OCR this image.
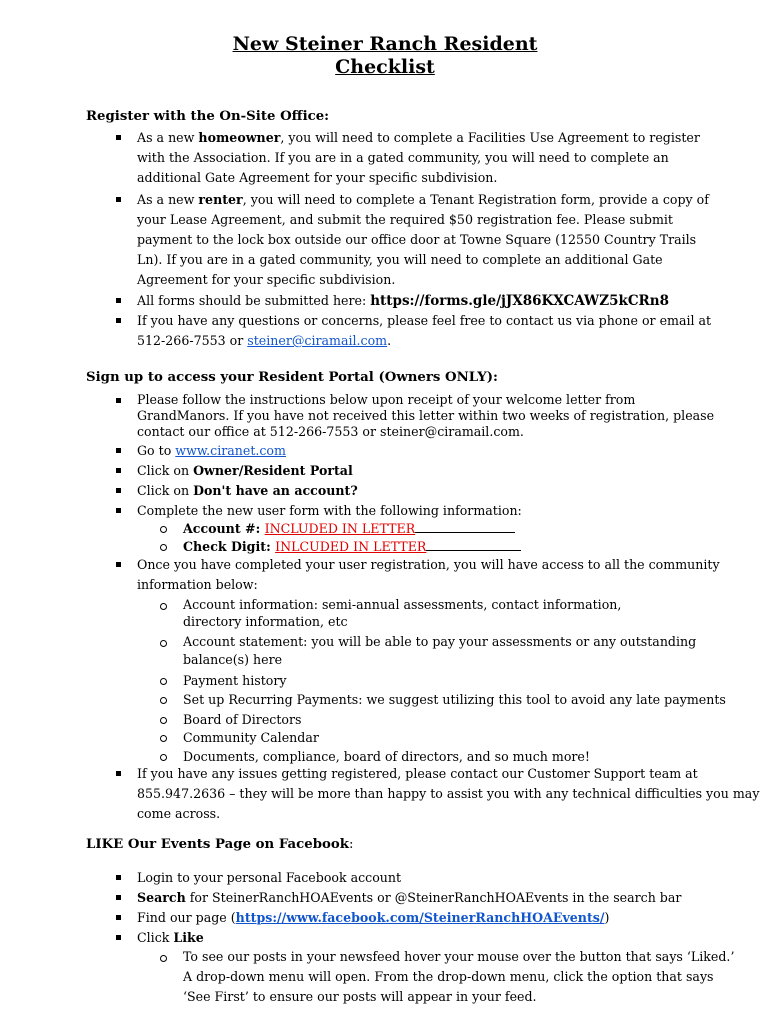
New Steiner Ranch Resident
Checklist
Register with the On-Site Office:
As a new homeowner, you will need to complete a Facilities Use Agreement to register
with the Association. If you are in a gated community, you will need to complete an
additional Gate Agreement for your specific subdivision.
As a new renter, you will need to complete a Tenant Registration form, provide a copy of
your Lease Agreement, and submit the required $50 registration fee. Please submit
payment to the lock box outside our office door at Towne Square (12550 Country Trails
Ln). If you are in a gated community, you will need to complete an additional Gate
Agreement for your specific subdivision.
All forms should be submitted here: https://forms.gle/jJX86KXCAWZ5kCRn8
If you have any questions or concerns, please feel free to contact us via phone or email at
512-266-7553 or steiner@ciramail.com.
Sign up to access your Resident Portal (Owners ONLY):
Please follow the instructions below upon receipt of your welcome letter from
GrandManors. If you have not received this letter within two weeks of registration, please
contact our office at 512-266-7553 or steiner@ciramail.com.
Go to www.ciranet.com
Click on Owner/Resident Portal
Click on Don't have an account?
Complete the new user form with the following information:
Account #: INCLUDED IN LETTER
Check Digit: INLCUDED IN LETTER
Once you have completed your user registration, you will have access to all the community
information below:
Account information: semi-annual assessments, contact information,
directory information, etc
Account statement: you will be able to pay your assessments or any outstanding
balance(s) here
Payment history
Set up Recurring Payments: we suggest utilizing this tool to avoid any late payments
Board of Directors
Community Calendar
Documents, compliance, board of directors, and so much more!
If you have any issues getting registered, please contact our Customer Support team at
855.947.2636 – they will be more than happy to assist you with any technical difficulties you may
come across.
LIKE Our Events Page on Facebook:
Login to your personal Facebook account
Search for SteinerRanchHOAEvents or @SteinerRanchHOAEvents in the search bar
Find our page (https://www.facebook.com/SteinerRanchHOAEvents/)
Click Like
To see our posts in your newsfeed hover your mouse over the button that says ‘Liked.’
A drop-down menu will open. From the drop-down menu, click the option that says
‘See First’ to ensure our posts will appear in your feed.
